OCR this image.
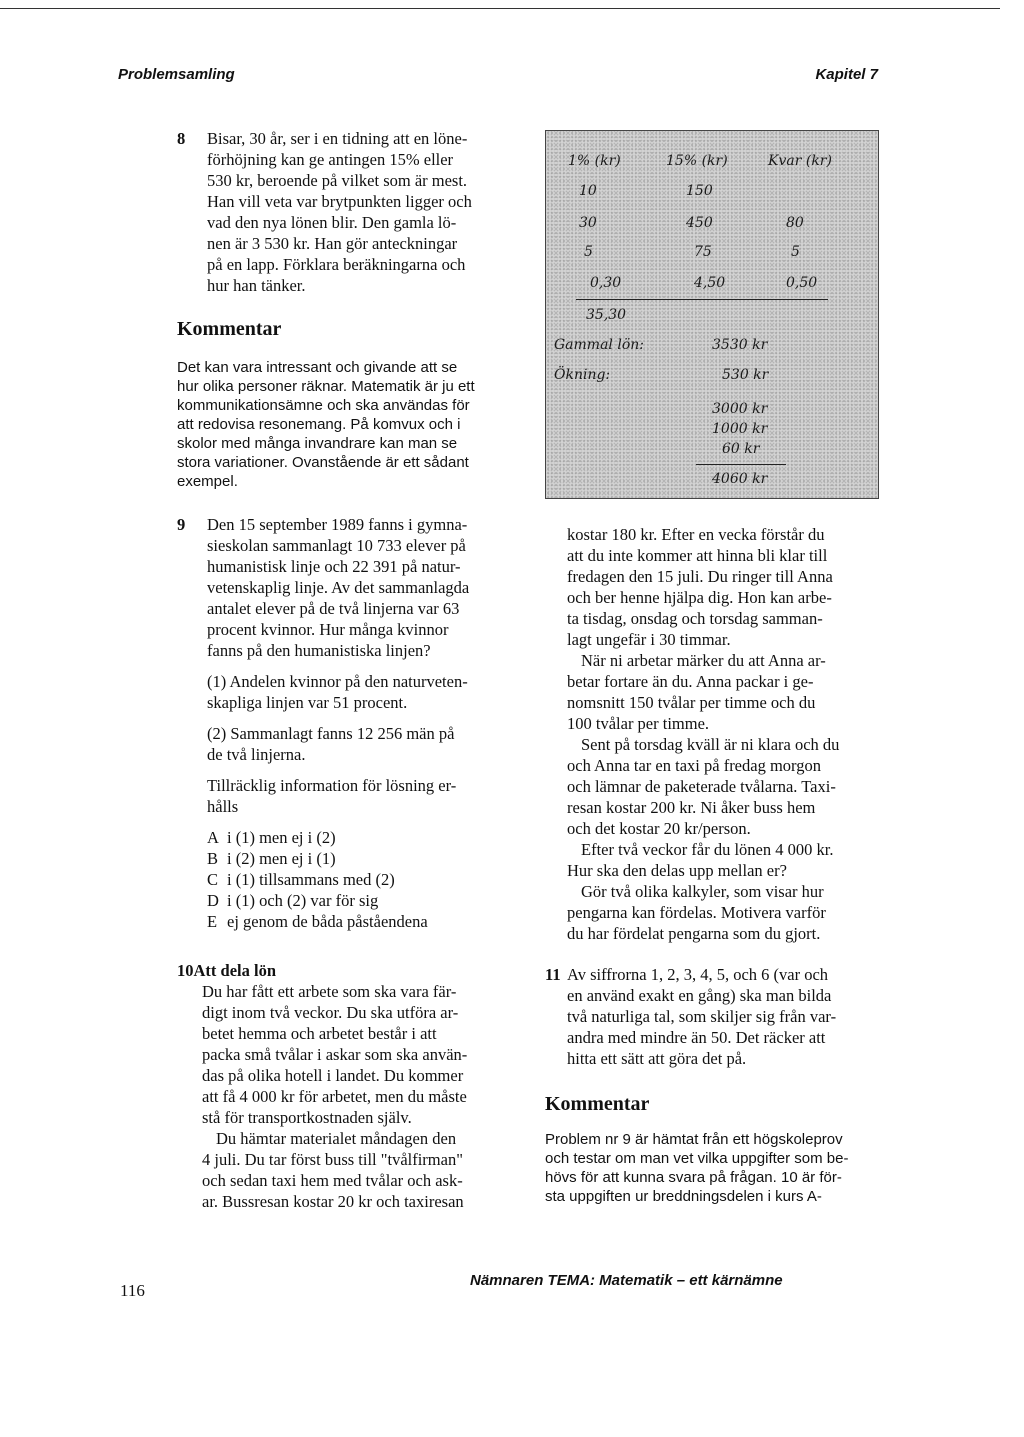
Problemsamling	Kapitel 7
8 Bisar, 30 år, ser i en tidning att en löne-
förhöjning kan ge antingen 15% eller
530 kr, beroende på vilket som är mest.
Han vill veta var brytpunkten ligger och
vad den nya lönen blir. Den gamla lö-
nen är 3 530 kr. Han gör anteckningar
på en lapp. Förklara beräkningarna och
hur han tänker.
Kommentar
Det kan vara intressant och givande att se
hur olika personer räknar. Matematik är ju ett
kommunikationsämne och ska användas för
att redovisa resonemang. På komvux och i
skolor med många invandrare kan man se
stora variationer. Ovanstående är ett sådant
exempel.
1% (kr)	15% (kr)	Kvar (kr)
10	150
30	450	80
5	75	5
0,30	4,50	0,50
35,30
Gammal lön:	3530 kr
Ökning:	530 kr
3000 kr
1000 kr
60 kr
4060 kr
9 Den 15 september 1989 fanns i gymna-
sieskolan sammanlagt 10 733 elever på
humanistisk linje och 22 391 på natur-
vetenskaplig linje. Av det sammanlagda
antalet elever på de två linjerna var 63
procent kvinnor. Hur många kvinnor
fanns på den humanistiska linjen?

(1) Andelen kvinnor på den naturveten-
skapliga linjen var 51 procent.

(2) Sammanlagt fanns 12 256 män på
de två linjerna.

Tillräcklig information för lösning er-
hålls

A i (1) men ej i (2)
B i (2) men ej i (1)
C i (1) tillsammans med (2)
D i (1) och (2) var för sig
E ej genom de båda påståendena
10Att dela lön
Du har fått ett arbete som ska vara fär-
digt inom två veckor. Du ska utföra ar-
betet hemma och arbetet består i att
packa små tvålar i askar som ska använ-
das på olika hotell i landet. Du kommer
att få 4 000 kr för arbetet, men du måste
stå för transportkostnaden själv.
Du hämtar materialet måndagen den
4 juli. Du tar först buss till "tvålfirman"
och sedan taxi hem med tvålar och ask-
ar. Bussresan kostar 20 kr och taxiresan
kostar 180 kr. Efter en vecka förstår du
att du inte kommer att hinna bli klar till
fredagen den 15 juli. Du ringer till Anna
och ber henne hjälpa dig. Hon kan arbe-
ta tisdag, onsdag och torsdag samman-
lagt ungefär i 30 timmar.
När ni arbetar märker du att Anna ar-
betar fortare än du. Anna packar i ge-
nomsnitt 150 tvålar per timme och du
100 tvålar per timme.
Sent på torsdag kväll är ni klara och du
och Anna tar en taxi på fredag morgon
och lämnar de paketerade tvålarna. Taxi-
resan kostar 200 kr. Ni åker buss hem
och det kostar 20 kr/person.
Efter två veckor får du lönen 4 000 kr.
Hur ska den delas upp mellan er?
Gör två olika kalkyler, som visar hur
pengarna kan fördelas. Motivera varför
du har fördelat pengarna som du gjort.
11 Av siffrorna 1, 2, 3, 4, 5, och 6 (var och
en använd exakt en gång) ska man bilda
två naturliga tal, som skiljer sig från var-
andra med mindre än 50. Det räcker att
hitta ett sätt att göra det på.
Kommentar
Problem nr 9 är hämtat från ett högskoleprov
och testar om man vet vilka uppgifter som be-
hövs för att kunna svara på frågan. 10 är för-
sta uppgiften ur breddningsdelen i kurs A-
116
Nämnaren TEMA: Matematik – ett kärnämne
